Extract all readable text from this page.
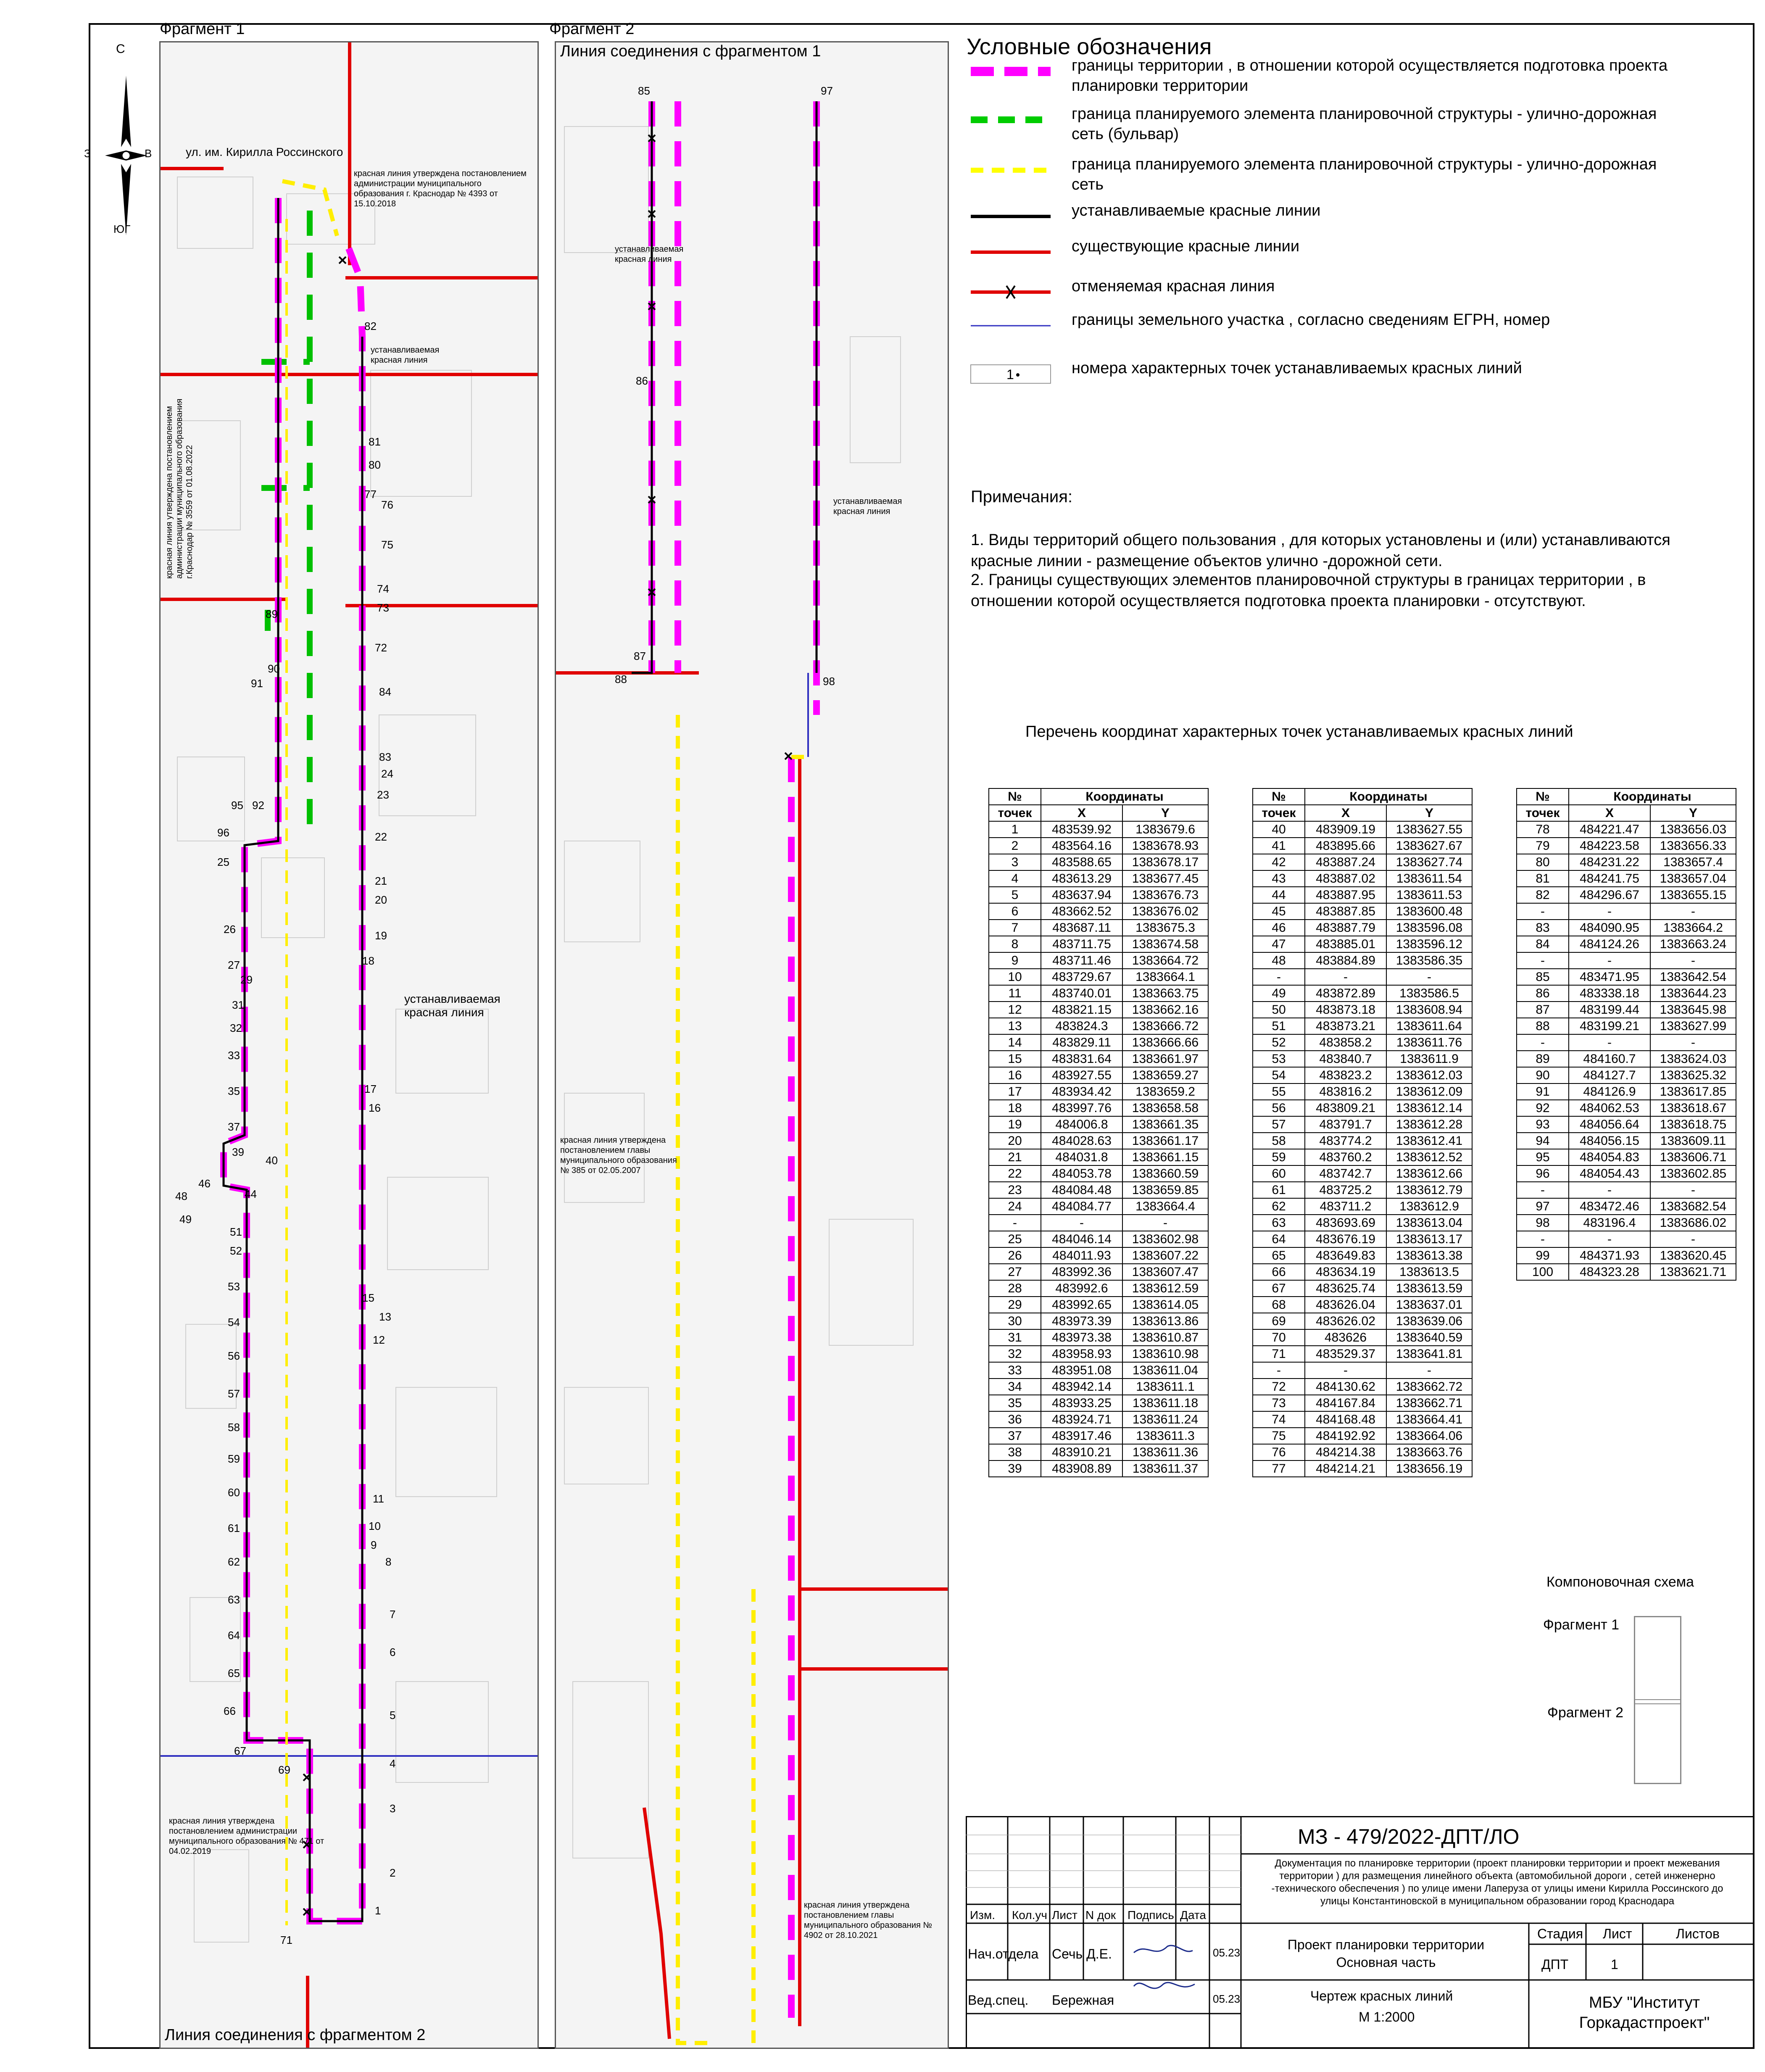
С
З	В
ЮГ
Фрагмент 1
ул. им. Кирилла Россинского
красная линия утверждена постановлением администрации муниципального образования г. Краснодар № 4393 от 15.10.2018
красная линия утверждена постановлением администрации муниципального образования г.Краснодар № 3559 от 01.08.2022
красная линия утверждена постановлением администрации муниципального образования № 471 от 04.02.2019
устанавливаемая красная линия
устанавливаемая красная линия
Линия соединения с фрагментом 2
82
81
80
77
76
75
74
73
72
84
83
24
23
22
21
20
19
18
17
16
15
13
12
11
10
9
8
7
6
5
4
3
2
1
89
90
91
92
95
96
25
26
27
29
31
32
33
35
37
39
40
46
44
48
49
51
52
53
54
56
57
58
59
60
61
62
63
64
65
66
67
69
71
Фрагмент 2
Линия соединения с фрагментом 1
устанавливаемая красная линия
устанавливаемая красная линия
красная линия утверждена постановлением главы муниципального образования № 385 от 02.05.2007
красная линия утверждена постановлением главы муниципального образования № 4902 от 28.10.2021
85	97
86
87
88	98
Условные обозначения
границы территории , в отношении которой осуществляется подготовка проекта планировки территории
граница планируемого элемента планировочной структуры - улично-дорожная сеть (бульвар)
граница планируемого элемента планировочной структуры - улично-дорожная сеть
устанавливаемые красные линии
существующие красные линии
отменяемая красная линия
границы земельного участка , согласно сведениям ЕГРН, номер
1	номера характерных точек устанавливаемых красных линий
Примечания:
1. Виды территорий общего пользования , для которых установлены и (или) устанавливаются красные линии - размещение объектов улично -дорожной сети.
2. Границы существующих элементов планировочной структуры в границах территории , в отношении которой осуществляется подготовка проекта планировки - отсутствуют.
Перечень координат характерных точек устанавливаемых красных линий
№	Координаты	
точек	X	Y
1	483539.92	1383679.6
2	483564.16	1383678.93
3	483588.65	1383678.17
4	483613.29	1383677.45
5	483637.94	1383676.73
6	483662.52	1383676.02
7	483687.11	1383675.3
8	483711.75	1383674.58
9	483711.46	1383664.72
10	483729.67	1383664.1
11	483740.01	1383663.75
12	483821.15	1383662.16
13	483824.3	1383666.72
14	483829.11	1383666.66
15	483831.64	1383661.97
16	483927.55	1383659.27
17	483934.42	1383659.2
18	483997.76	1383658.58
19	484006.8	1383661.35
20	484028.63	1383661.17
21	484031.8	1383661.15
22	484053.78	1383660.59
23	484084.48	1383659.85
24	484084.77	1383664.4
-	-	-
25	484046.14	1383602.98
26	484011.93	1383607.22
27	483992.36	1383607.47
28	483992.6	1383612.59
29	483992.65	1383614.05
30	483973.39	1383613.86
31	483973.38	1383610.87
32	483958.93	1383610.98
33	483951.08	1383611.04
34	483942.14	1383611.1
35	483933.25	1383611.18
36	483924.71	1383611.24
37	483917.46	1383611.3
38	483910.21	1383611.36
39	483908.89	1383611.37
№	Координаты	
точек	X	Y
40	483909.19	1383627.55
41	483895.66	1383627.67
42	483887.24	1383627.74
43	483887.02	1383611.54
44	483887.95	1383611.53
45	483887.85	1383600.48
46	483887.79	1383596.08
47	483885.01	1383596.12
48	483884.89	1383586.35
-	-	-
49	483872.89	1383586.5
50	483873.18	1383608.94
51	483873.21	1383611.64
52	483858.2	1383611.76
53	483840.7	1383611.9
54	483823.2	1383612.03
55	483816.2	1383612.09
56	483809.21	1383612.14
57	483791.7	1383612.28
58	483774.2	1383612.41
59	483760.2	1383612.52
60	483742.7	1383612.66
61	483725.2	1383612.79
62	483711.2	1383612.9
63	483693.69	1383613.04
64	483676.19	1383613.17
65	483649.83	1383613.38
66	483634.19	1383613.5
67	483625.74	1383613.59
68	483626.04	1383637.01
69	483626.02	1383639.06
70	483626	1383640.59
71	483529.37	1383641.81
-	-	-
72	484130.62	1383662.72
73	484167.84	1383662.71
74	484168.48	1383664.41
75	484192.92	1383664.06
76	484214.38	1383663.76
77	484214.21	1383656.19
№	Координаты	
точек	X	Y
78	484221.47	1383656.03
79	484223.58	1383656.33
80	484231.22	1383657.4
81	484241.75	1383657.04
82	484296.67	1383655.15
-	-	-
83	484090.95	1383664.2
84	484124.26	1383663.24
-	-	-
85	483471.95	1383642.54
86	483338.18	1383644.23
87	483199.44	1383645.98
88	483199.21	1383627.99
-	-	-
89	484160.7	1383624.03
90	484127.7	1383625.32
91	484126.9	1383617.85
92	484062.53	1383618.67
93	484056.64	1383618.75
94	484056.15	1383609.11
95	484054.83	1383606.71
96	484054.43	1383602.85
-	-	-
97	483472.46	1383682.54
98	483196.4	1383686.02
-	-	-
99	484371.93	1383620.45
100	484323.28	1383621.71
Компоновочная схема
Фрагмент 1
Фрагмент 2
МЗ - 479/2022-ДПТ/ЛО
Документация по планировке территории (проект планировки территории и проект межевания территории ) для размещения линейного объекта (автомобильной дороги , сетей инженерно -технического обеспечения ) по улице имени Лаперуза от улицы имени Кирилла Россинского до улицы Константиновской в муниципальном образовании город Краснодара
Изм. Кол.уч Лист N док Подпись Дата
Нач.отдела Сечь Д.Е.	05.23
Вед.спец. Бережная	05.23
Проект планировки территории Основная часть
Стадия Лист	Листов
ДПТ	1
Чертеж красных линий
М 1:2000
МБУ "Институт Горкадастпроект"
